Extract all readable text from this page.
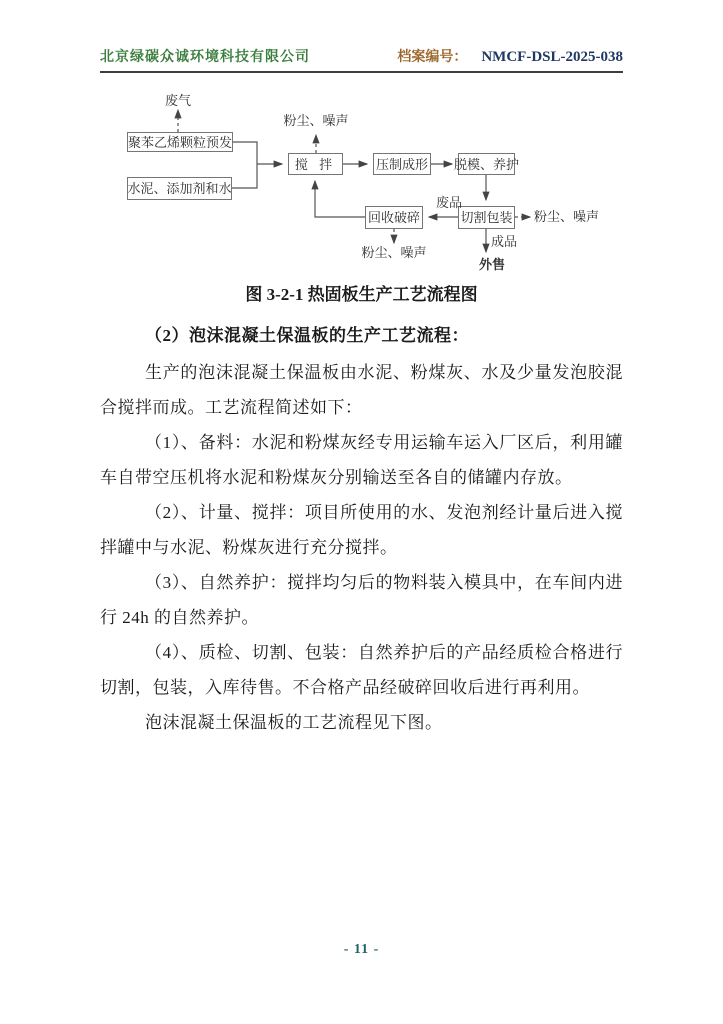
北京绿碳众诚环境科技有限公司	档案编号： NMCF-DSL-2025-038
聚苯乙烯颗粒预发
水泥、添加剂和水
搅 拌	压制成形 脱模、养护
回收破碎	切割包装
废气
粉尘、噪声
废品
粉尘、噪声
成品
外售
粉尘、噪声
图 3-2-1 热固板生产工艺流程图
（2）泡沫混凝土保温板的生产工艺流程：

生产的泡沫混凝土保温板由水泥、粉煤灰、水及少量发泡胶混合搅拌而成。工艺流程简述如下：

（1）、备料：水泥和粉煤灰经专用运输车运入厂区后，利用罐车自带空压机将水泥和粉煤灰分别输送至各自的储罐内存放。

（2）、计量、搅拌：项目所使用的水、发泡剂经计量后进入搅拌罐中与水泥、粉煤灰进行充分搅拌。

（3）、自然养护：搅拌均匀后的物料装入模具中，在车间内进行 24h 的自然养护。

（4）、质检、切割、包装：自然养护后的产品经质检合格进行切割，包装，入库待售。不合格产品经破碎回收后进行再利用。

泡沫混凝土保温板的工艺流程见下图。

- 11 -
